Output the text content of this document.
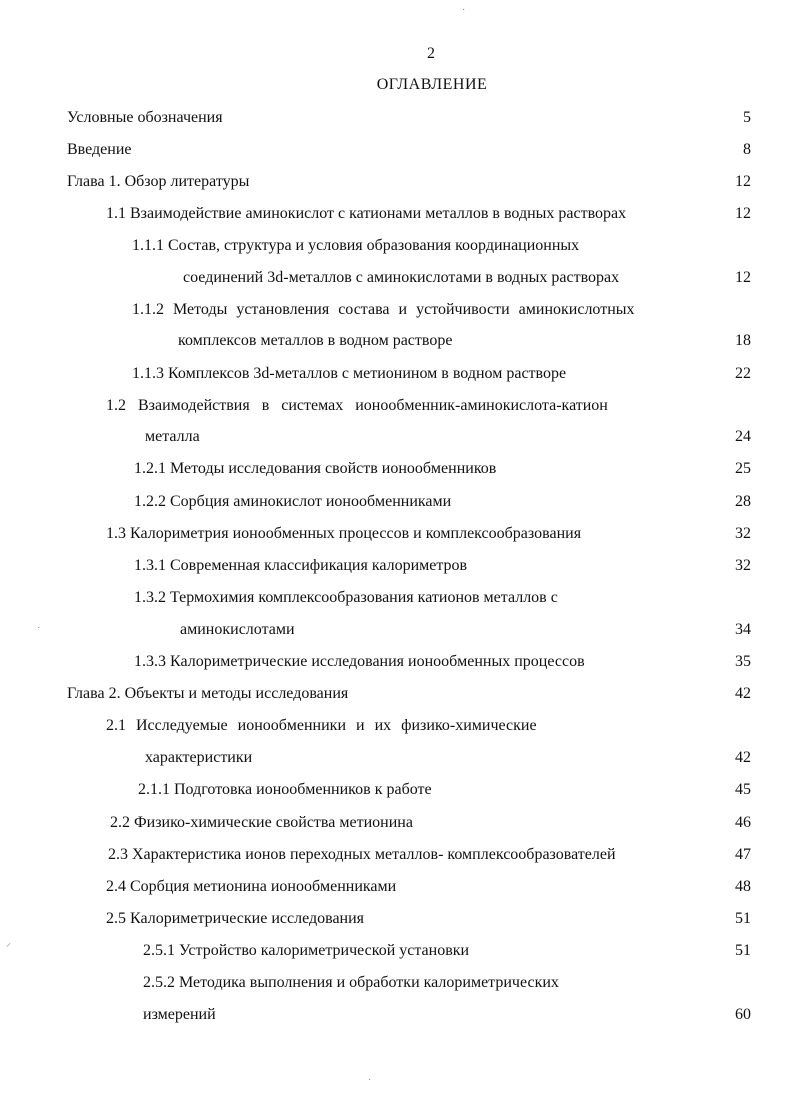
2
ОГЛАВЛЕНИЕ
Условные обозначения	5
Введение	8
Глава 1. Обзор литературы	12
1.1 Взаимодействие аминокислот с катионами металлов в водных растворах	12
1.1.1 Состав, структура и условия образования координационных
соединений 3d-металлов с аминокислотами в водных растворах	12
1.1.2 Методы установления состава и устойчивости аминокислотных
комплексов металлов в водном растворе	18
1.1.3 Комплексов 3d-металлов с метионином в водном растворе	22
1.2 Взаимодействия в системах ионообменник-аминокислота-катион
металла	24
1.2.1 Методы исследования свойств ионообменников	25
1.2.2 Сорбция аминокислот ионообменниками	28
1.3 Калориметрия ионообменных процессов и комплексообразования	32
1.3.1 Современная классификация калориметров	32
1.3.2 Термохимия комплексообразования катионов металлов с
аминокислотами	34
1.3.3 Калориметрические исследования ионообменных процессов	35
Глава 2. Объекты и методы исследования	42
2.1 Исследуемые ионообменники и их физико-химические
характеристики	42
2.1.1 Подготовка ионообменников к работе	45
2.2 Физико-химические свойства метионина	46
2.3 Характеристика ионов переходных металлов- комплексообразователей	47
2.4 Сорбция метионина ионообменниками	48
2.5 Калориметрические исследования	51
2.5.1 Устройство калориметрической установки	51
2.5.2 Методика выполнения и обработки калориметрических
измерений	60
˙
˙
⸝
˙
